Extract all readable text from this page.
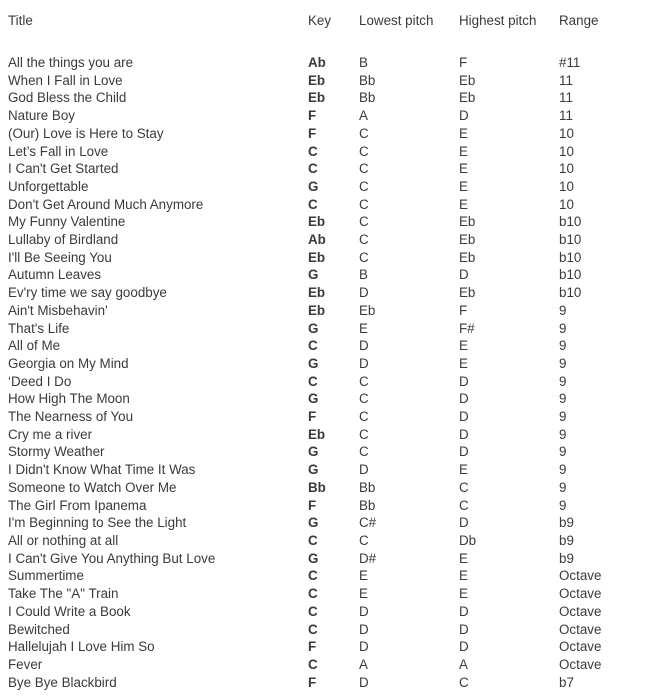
Title	Key	Lowest pitch	Highest pitch	Range
All the things you are	Ab	B	F	#11
When I Fall in Love	Eb	Bb	Eb	11
God Bless the Child	Eb	Bb	Eb	11
Nature Boy	F	A	D	11
(Our) Love is Here to Stay	F	C	E	10
Let’s Fall in Love	C	C	E	10
I Can't Get Started	C	C	E	10
Unforgettable	G	C	E	10
Don't Get Around Much Anymore	C	C	E	10
My Funny Valentine	Eb	C	Eb	b10
Lullaby of Birdland	Ab	C	Eb	b10
I'll Be Seeing You	Eb	C	Eb	b10
Autumn Leaves	G	B	D	b10
Ev'ry time we say goodbye	Eb	D	Eb	b10
Ain't Misbehavin'	Eb	Eb	F	9
That's Life	G	E	F#	9
All of Me	C	D	E	9
Georgia on My Mind	G	D	E	9
‘Deed I Do	C	C	D	9
How High The Moon	G	C	D	9
The Nearness of You	F	C	D	9
Cry me a river	Eb	C	D	9
Stormy Weather	G	C	D	9
I Didn't Know What Time It Was	G	D	E	9
Someone to Watch Over Me	Bb	Bb	C	9
The Girl From Ipanema	F	Bb	C	9
I'm Beginning to See the Light	G	C#	D	b9
All or nothing at all	C	C	Db	b9
I Can't Give You Anything But Love	G	D#	E	b9
Summertime	C	E	E	Octave
Take The "A" Train	C	E	E	Octave
I Could Write a Book	C	D	D	Octave
Bewitched	C	D	D	Octave
Hallelujah I Love Him So	F	D	D	Octave
Fever	C	A	A	Octave
Bye Bye Blackbird	F	D	C	b7
